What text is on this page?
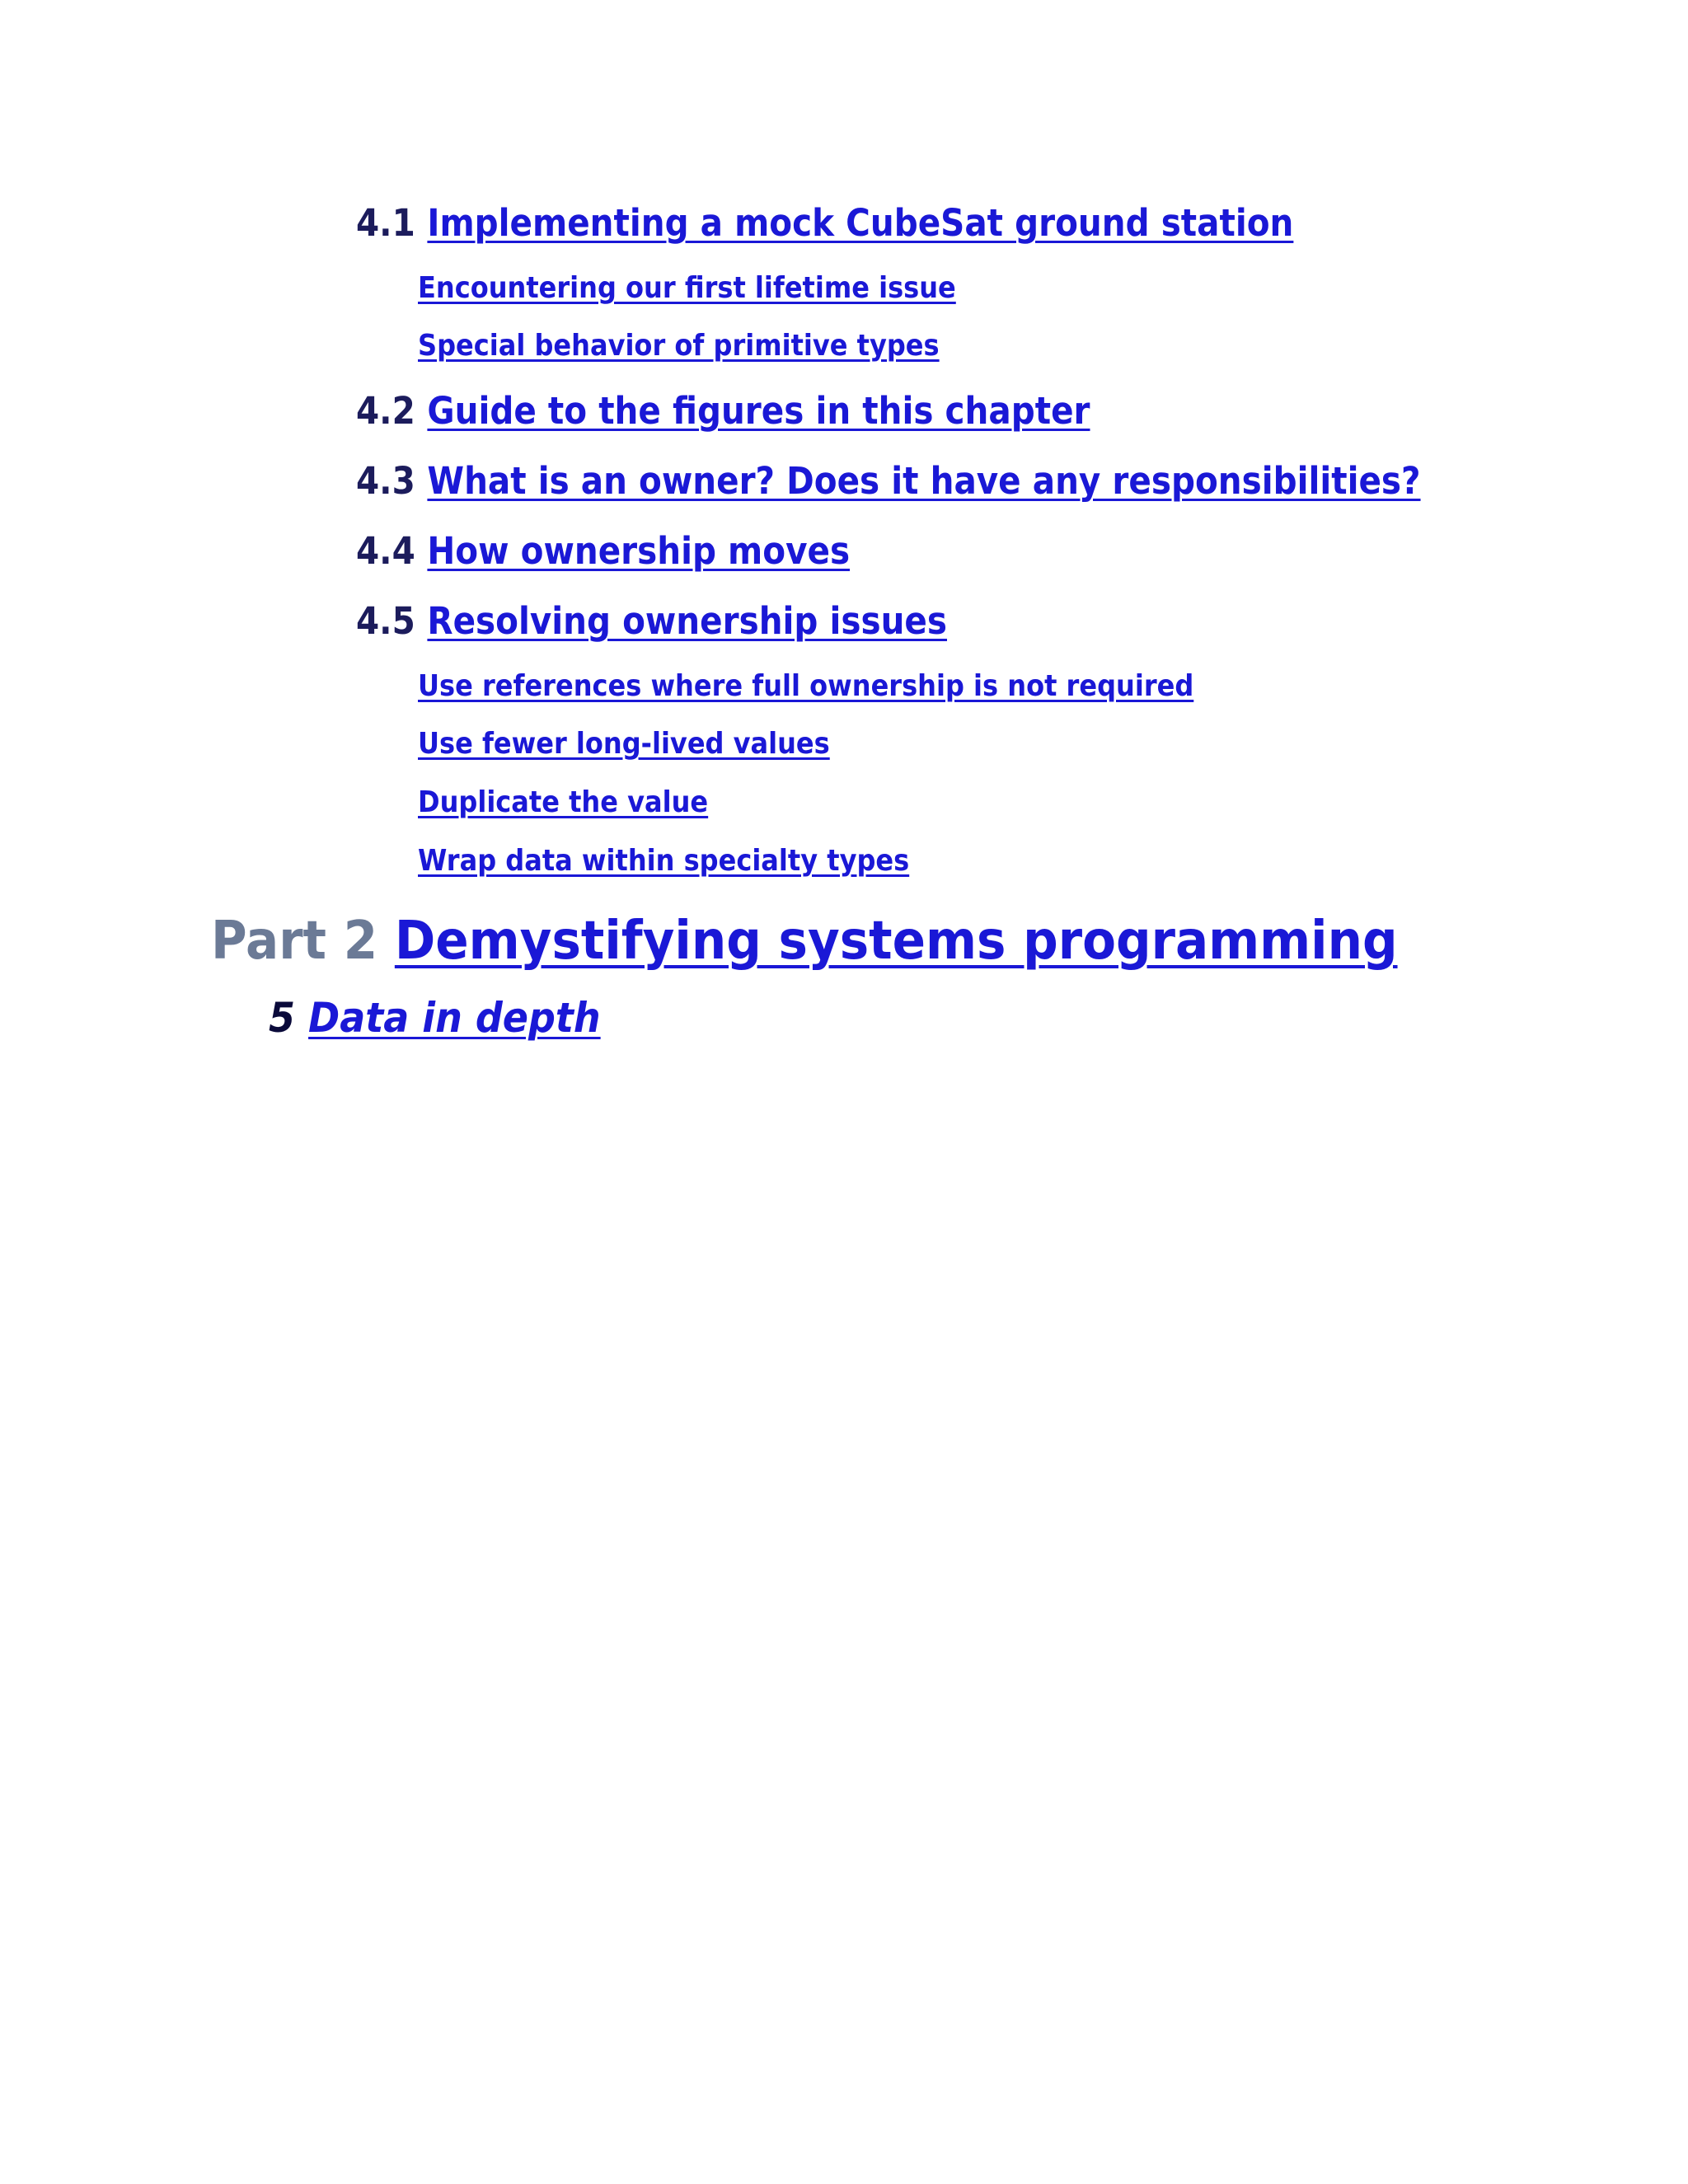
4.1 Implementing a mock CubeSat ground station
Encountering our first lifetime issue
Special behavior of primitive types
4.2 Guide to the figures in this chapter
4.3 What is an owner? Does it have any responsibilities?
4.4 How ownership moves
4.5 Resolving ownership issues
Use references where full ownership is not required
Use fewer long-lived values
Duplicate the value
Wrap data within specialty types
Part 2 Demystifying systems programming
5 Data in depth
